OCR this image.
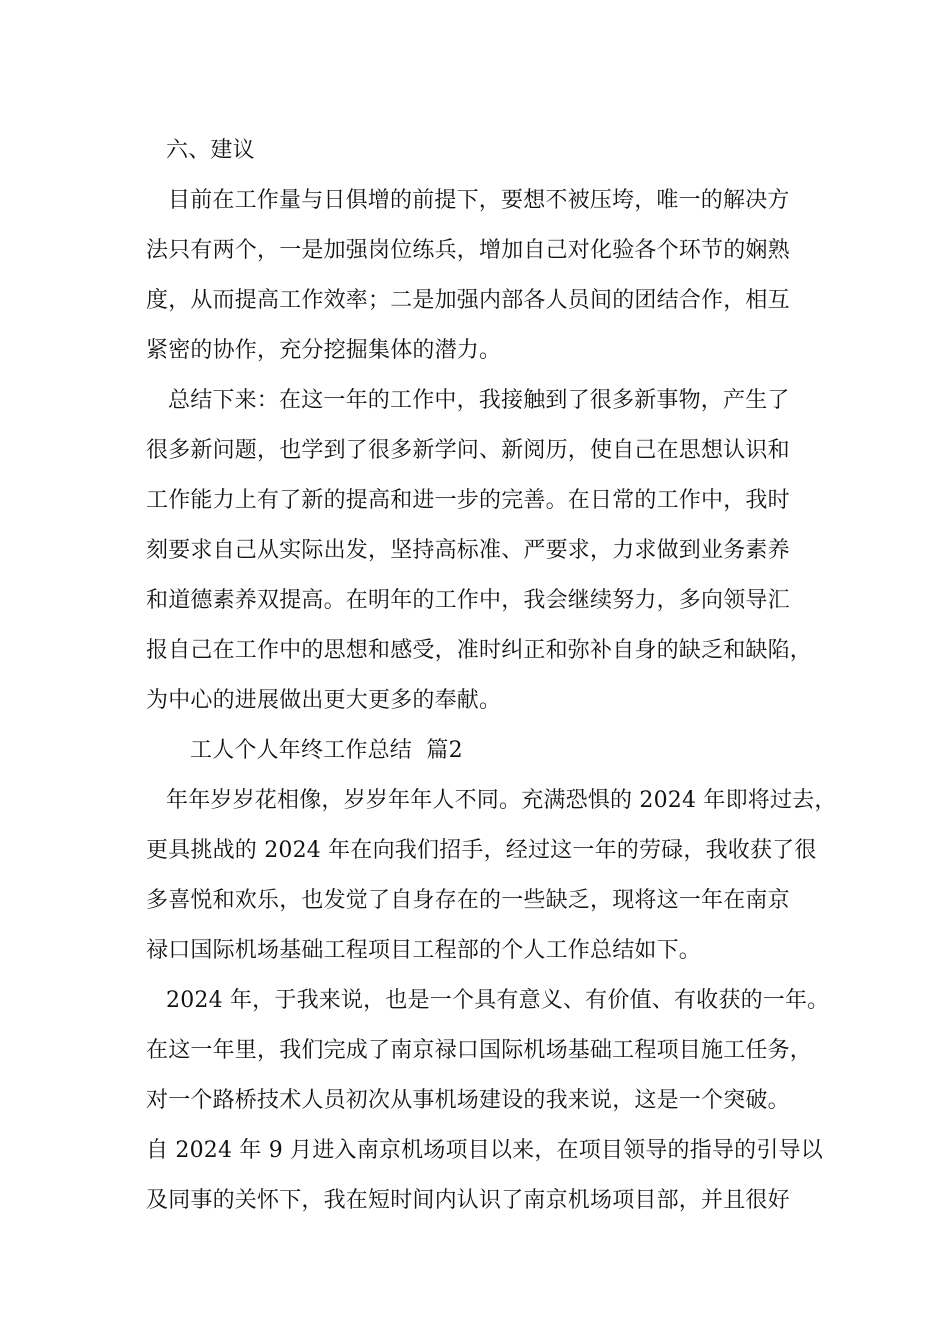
六、建议
目前在工作量与日俱增的前提下，要想不被压垮，唯一的解决方
法只有两个，一是加强岗位练兵，增加自己对化验各个环节的娴熟
度，从而提高工作效率；二是加强内部各人员间的团结合作，相互
紧密的协作，充分挖掘集体的潜力。
总结下来：在这一年的工作中，我接触到了很多新事物，产生了
很多新问题，也学到了很多新学问、新阅历，使自己在思想认识和
工作能力上有了新的提高和进一步的完善。在日常的工作中，我时
刻要求自己从实际出发，坚持高标准、严要求，力求做到业务素养
和道德素养双提高。在明年的工作中，我会继续努力，多向领导汇
报自己在工作中的思想和感受，准时纠正和弥补自身的缺乏和缺陷，
为中心的进展做出更大更多的奉献。
工人个人年终工作总结  篇2
年年岁岁花相像，岁岁年年人不同。充满恐惧的 2024 年即将过去，
更具挑战的 2024 年在向我们招手，经过这一年的劳碌，我收获了很
多喜悦和欢乐，也发觉了自身存在的一些缺乏，现将这一年在南京
禄口国际机场基础工程项目工程部的个人工作总结如下。
2024 年，于我来说，也是一个具有意义、有价值、有收获的一年。
在这一年里，我们完成了南京禄口国际机场基础工程项目施工任务，
对一个路桥技术人员初次从事机场建设的我来说，这是一个突破。
自 2024 年 9 月进入南京机场项目以来，在项目领导的指导的引导以
及同事的关怀下，我在短时间内认识了南京机场项目部，并且很好
